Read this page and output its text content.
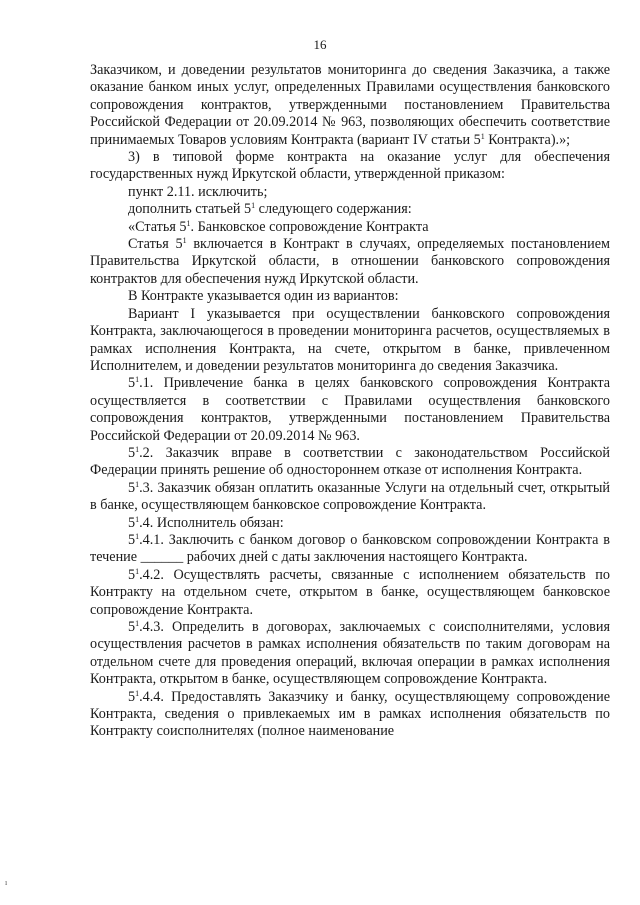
16

Заказчиком, и доведении результатов мониторинга до сведения Заказчика, а также оказание банком иных услуг, определенных Правилами осуществления банковского сопровождения контрактов, утвержденными постановлением Правительства Российской Федерации от 20.09.2014 № 963, позволяющих обеспечить соответствие принимаемых Товаров условиям Контракта (вариант IV статьи $5^1$ Контракта).»;

3) в типовой форме контракта на оказание услуг для обеспечения государственных нужд Иркутской области, утвержденной приказом:

пункт 2.11. исключить;

дополнить статьей $5^1$ следующего содержания:

«Статья $5^1$. Банковское сопровождение Контракта

Статья $5^1$ включается в Контракт в случаях, определяемых постановлением Правительства Иркутской области, в отношении банковского сопровождения контрактов для обеспечения нужд Иркутской области.

В Контракте указывается один из вариантов:

Вариант I указывается при осуществлении банковского сопровождения Контракта, заключающегося в проведении мониторинга расчетов, осуществляемых в рамках исполнения Контракта, на счете, открытом в банке, привлеченном Исполнителем, и доведении результатов мониторинга до сведения Заказчика.

$5^1.1$. Привлечение банка в целях банковского сопровождения Контракта осуществляется в соответствии с Правилами осуществления банковского сопровождения контрактов, утвержденными постановлением Правительства Российской Федерации от 20.09.2014 № 963.

$5^1.2$. Заказчик вправе в соответствии с законодательством Российской Федерации принять решение об одностороннем отказе от исполнения Контракта.

$5^1.3$. Заказчик обязан оплатить оказанные Услуги на отдельный счет, открытый в банке, осуществляющем банковское сопровождение Контракта.

$5^1.4$. Исполнитель обязан:

$5^1.4.1$. Заключить с банком договор о банковском сопровождении Контракта в течение ______ рабочих дней с даты заключения настоящего Контракта.

$5^1.4.2$. Осуществлять расчеты, связанные с исполнением обязательств по Контракту на отдельном счете, открытом в банке, осуществляющем банковское сопровождение Контракта.

$5^1.4.3$. Определить в договорах, заключаемых с соисполнителями, условия осуществления расчетов в рамках исполнения обязательств по таким договорам на отдельном счете для проведения операций, включая операции в рамках исполнения Контракта, открытом в банке, осуществляющем сопровождение Контракта.

$5^1.4.4$. Предоставлять Заказчику и банку, осуществляющему сопровождение Контракта, сведения о привлекаемых им в рамках исполнения обязательств по Контракту соисполнителях (полное наименование

ı
